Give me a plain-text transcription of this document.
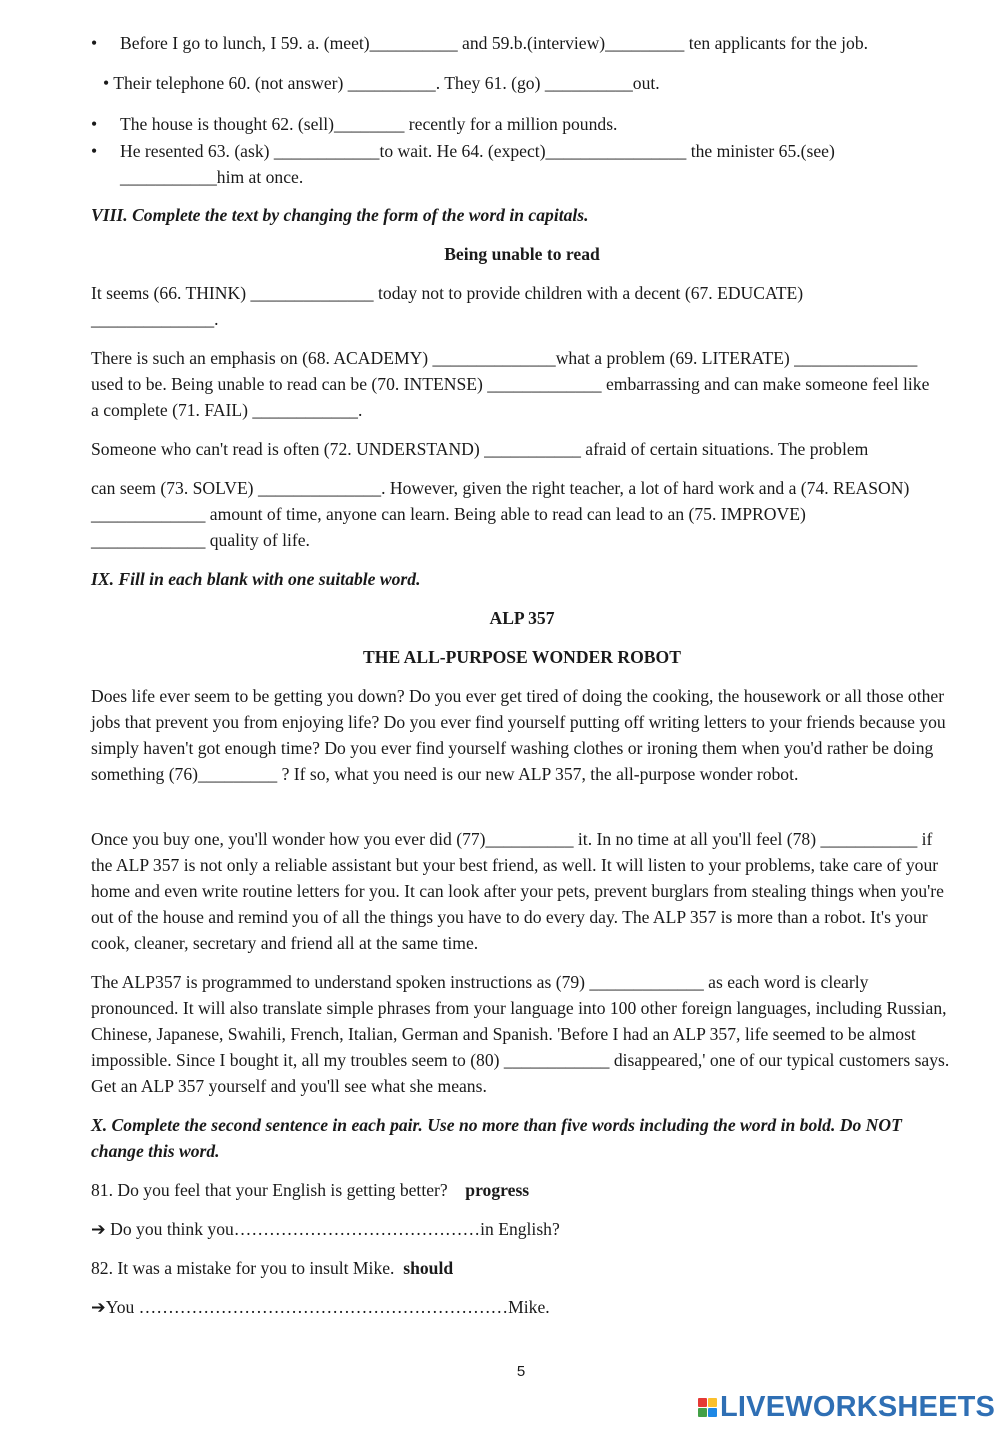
• Before I go to lunch, I 59. a. (meet)__________ and 59.b.(interview)_________ ten applicants for the job.

• Their telephone 60. (not answer) __________. They 61. (go) __________out.

• The house is thought 62. (sell)________ recently for a million pounds.
• He resented 63. (ask) ____________to wait. He 64. (expect)________________ the minister 65.(see) ___________him at once.

VIII. Complete the text by changing the form of the word in capitals.

Being unable to read

It seems (66. THINK) ______________ today not to provide children with a decent (67. EDUCATE) ______________.

There is such an emphasis on (68. ACADEMY) ______________what a problem (69. LITERATE) ______________ used to be. Being unable to read can be (70. INTENSE) _____________ embarrassing and can make someone feel like a complete (71. FAIL) ____________.

Someone who can't read is often (72. UNDERSTAND) ___________ afraid of certain situations. The problem

can seem (73. SOLVE) ______________. However, given the right teacher, a lot of hard work and a (74. REASON) _____________ amount of time, anyone can learn. Being able to read can lead to an (75. IMPROVE) _____________ quality of life.

IX. Fill in each blank with one suitable word.

ALP 357

THE ALL-PURPOSE WONDER ROBOT

Does life ever seem to be getting you down? Do you ever get tired of doing the cooking, the housework or all those other jobs that prevent you from enjoying life? Do you ever find yourself putting off writing letters to your friends because you simply haven't got enough time? Do you ever find yourself washing clothes or ironing them when you'd rather be doing something (76)_________ ? If so, what you need is our new ALP 357, the all-purpose wonder robot.

Once you buy one, you'll wonder how you ever did (77)__________ it. In no time at all you'll feel (78) ___________ if the ALP 357 is not only a reliable assistant but your best friend, as well. It will listen to your problems, take care of your home and even write routine letters for you. It can look after your pets, prevent burglars from stealing things when you're out of the house and remind you of all the things you have to do every day. The ALP 357 is more than a robot. It's your cook, cleaner, secretary and friend all at the same time.

The ALP357 is programmed to understand spoken instructions as (79) _____________ as each word is clearly pronounced. It will also translate simple phrases from your language into 100 other foreign languages, including Russian, Chinese, Japanese, Swahili, French, Italian, German and Spanish. 'Before I had an ALP 357, life seemed to be almost impossible. Since I bought it, all my troubles seem to (80) ____________ disappeared,' one of our typical customers says. Get an ALP 357 yourself and you'll see what she means.

X. Complete the second sentence in each pair. Use no more than five words including the word in bold. Do NOT change this word.

81. Do you feel that your English is getting better? progress

➔ Do you think you……………………………………in English?

82. It was a mistake for you to insult Mike. should

➔You ………………………………………………………Mike.

5
LIVEWORKSHEETS
